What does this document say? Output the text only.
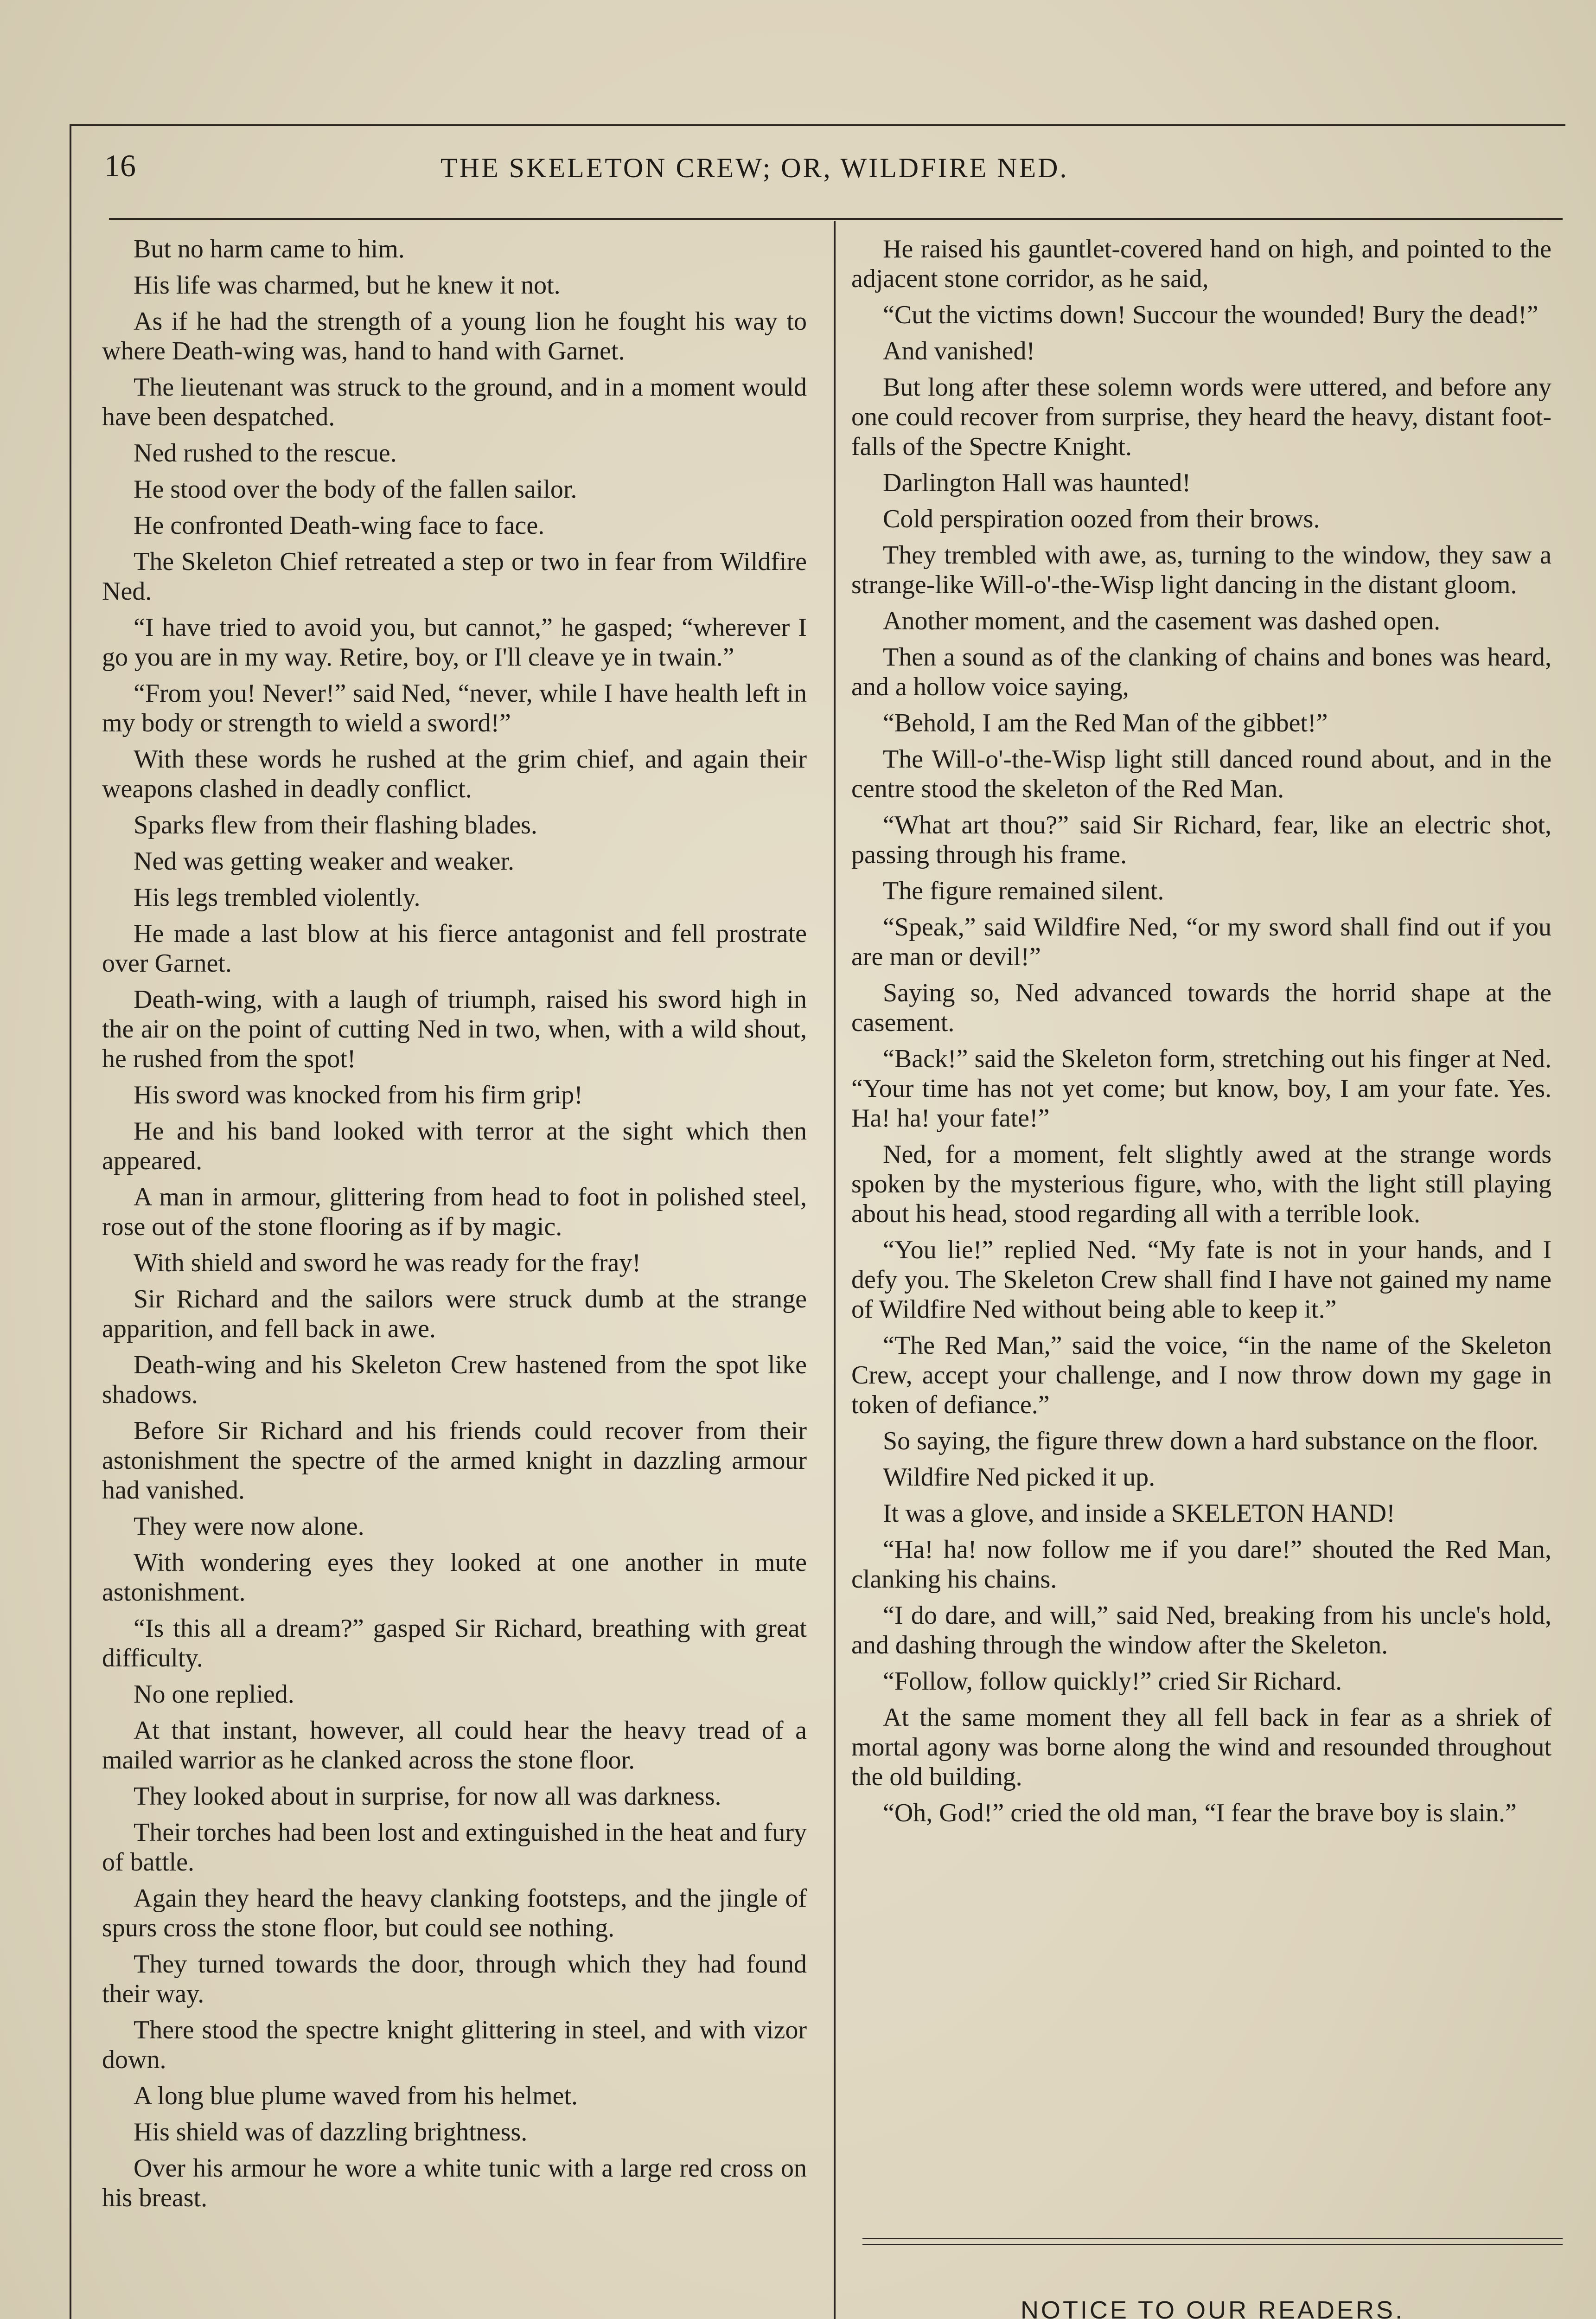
16	THE SKELETON CREW; OR, WILDFIRE NED.

But no harm came to him.

His life was charmed, but he knew it not.

As if he had the strength of a young lion he fought his way to where Death-wing was, hand to hand with Garnet.

The lieutenant was struck to the ground, and in a moment would have been despatched.

Ned rushed to the rescue.

He stood over the body of the fallen sailor.

He confronted Death-wing face to face.

The Skeleton Chief retreated a step or two in fear from Wildfire Ned.

“I have tried to avoid you, but cannot,” he gasped; “wherever I go you are in my way. Retire, boy, or I'll cleave ye in twain.”

“From you! Never!” said Ned, “never, while I have health left in my body or strength to wield a sword!”

With these words he rushed at the grim chief, and again their weapons clashed in deadly conflict.

Sparks flew from their flashing blades.

Ned was getting weaker and weaker.

His legs trembled violently.

He made a last blow at his fierce antagonist and fell prostrate over Garnet.

Death-wing, with a laugh of triumph, raised his sword high in the air on the point of cutting Ned in two, when, with a wild shout, he rushed from the spot!

His sword was knocked from his firm grip!

He and his band looked with terror at the sight which then appeared.

A man in armour, glittering from head to foot in polished steel, rose out of the stone flooring as if by magic.

With shield and sword he was ready for the fray!

Sir Richard and the sailors were struck dumb at the strange apparition, and fell back in awe.

Death-wing and his Skeleton Crew hastened from the spot like shadows.

Before Sir Richard and his friends could recover from their astonishment the spectre of the armed knight in dazzling armour had vanished.

They were now alone.

With wondering eyes they looked at one another in mute astonishment.

“Is this all a dream?” gasped Sir Richard, breathing with great difficulty.

No one replied.

At that instant, however, all could hear the heavy tread of a mailed warrior as he clanked across the stone floor.

They looked about in surprise, for now all was darkness.

Their torches had been lost and extinguished in the heat and fury of battle.

Again they heard the heavy clanking footsteps, and the jingle of spurs cross the stone floor, but could see nothing.

They turned towards the door, through which they had found their way.

There stood the spectre knight glittering in steel, and with vizor down.

A long blue plume waved from his helmet.

His shield was of dazzling brightness.

Over his armour he wore a white tunic with a large red cross on his breast.

He raised his gauntlet-covered hand on high, and pointed to the adjacent stone corridor, as he said,

“Cut the victims down! Succour the wounded! Bury the dead!”

And vanished!

But long after these solemn words were uttered, and before any one could recover from surprise, they heard the heavy, distant foot-falls of the Spectre Knight.

Darlington Hall was haunted!

Cold perspiration oozed from their brows.

They trembled with awe, as, turning to the window, they saw a strange-like Will-o'-the-Wisp light dancing in the distant gloom.

Another moment, and the casement was dashed open.

Then a sound as of the clanking of chains and bones was heard, and a hollow voice saying,

“Behold, I am the Red Man of the gibbet!”

The Will-o'-the-Wisp light still danced round about, and in the centre stood the skeleton of the Red Man.

“What art thou?” said Sir Richard, fear, like an electric shot, passing through his frame.

The figure remained silent.

“Speak,” said Wildfire Ned, “or my sword shall find out if you are man or devil!”

Saying so, Ned advanced towards the horrid shape at the casement.

“Back!” said the Skeleton form, stretching out his finger at Ned. “Your time has not yet come; but know, boy, I am your fate. Yes. Ha! ha! your fate!”

Ned, for a moment, felt slightly awed at the strange words spoken by the mysterious figure, who, with the light still playing about his head, stood regarding all with a terrible look.

“You lie!” replied Ned. “My fate is not in your hands, and I defy you. The Skeleton Crew shall find I have not gained my name of Wildfire Ned without being able to keep it.”

“The Red Man,” said the voice, “in the name of the Skeleton Crew, accept your challenge, and I now throw down my gage in token of defiance.”

So saying, the figure threw down a hard substance on the floor.

Wildfire Ned picked it up.

It was a glove, and inside a SKELETON HAND!

“Ha! ha! now follow me if you dare!” shouted the Red Man, clanking his chains.

“I do dare, and will,” said Ned, breaking from his uncle's hold, and dashing through the window after the Skeleton.

“Follow, follow quickly!” cried Sir Richard.

At the same moment they all fell back in fear as a shriek of mortal agony was borne along the wind and resounded throughout the old building.

“Oh, God!” cried the old man, “I fear the brave boy is slain.”

NOTICE TO OUR READERS.
